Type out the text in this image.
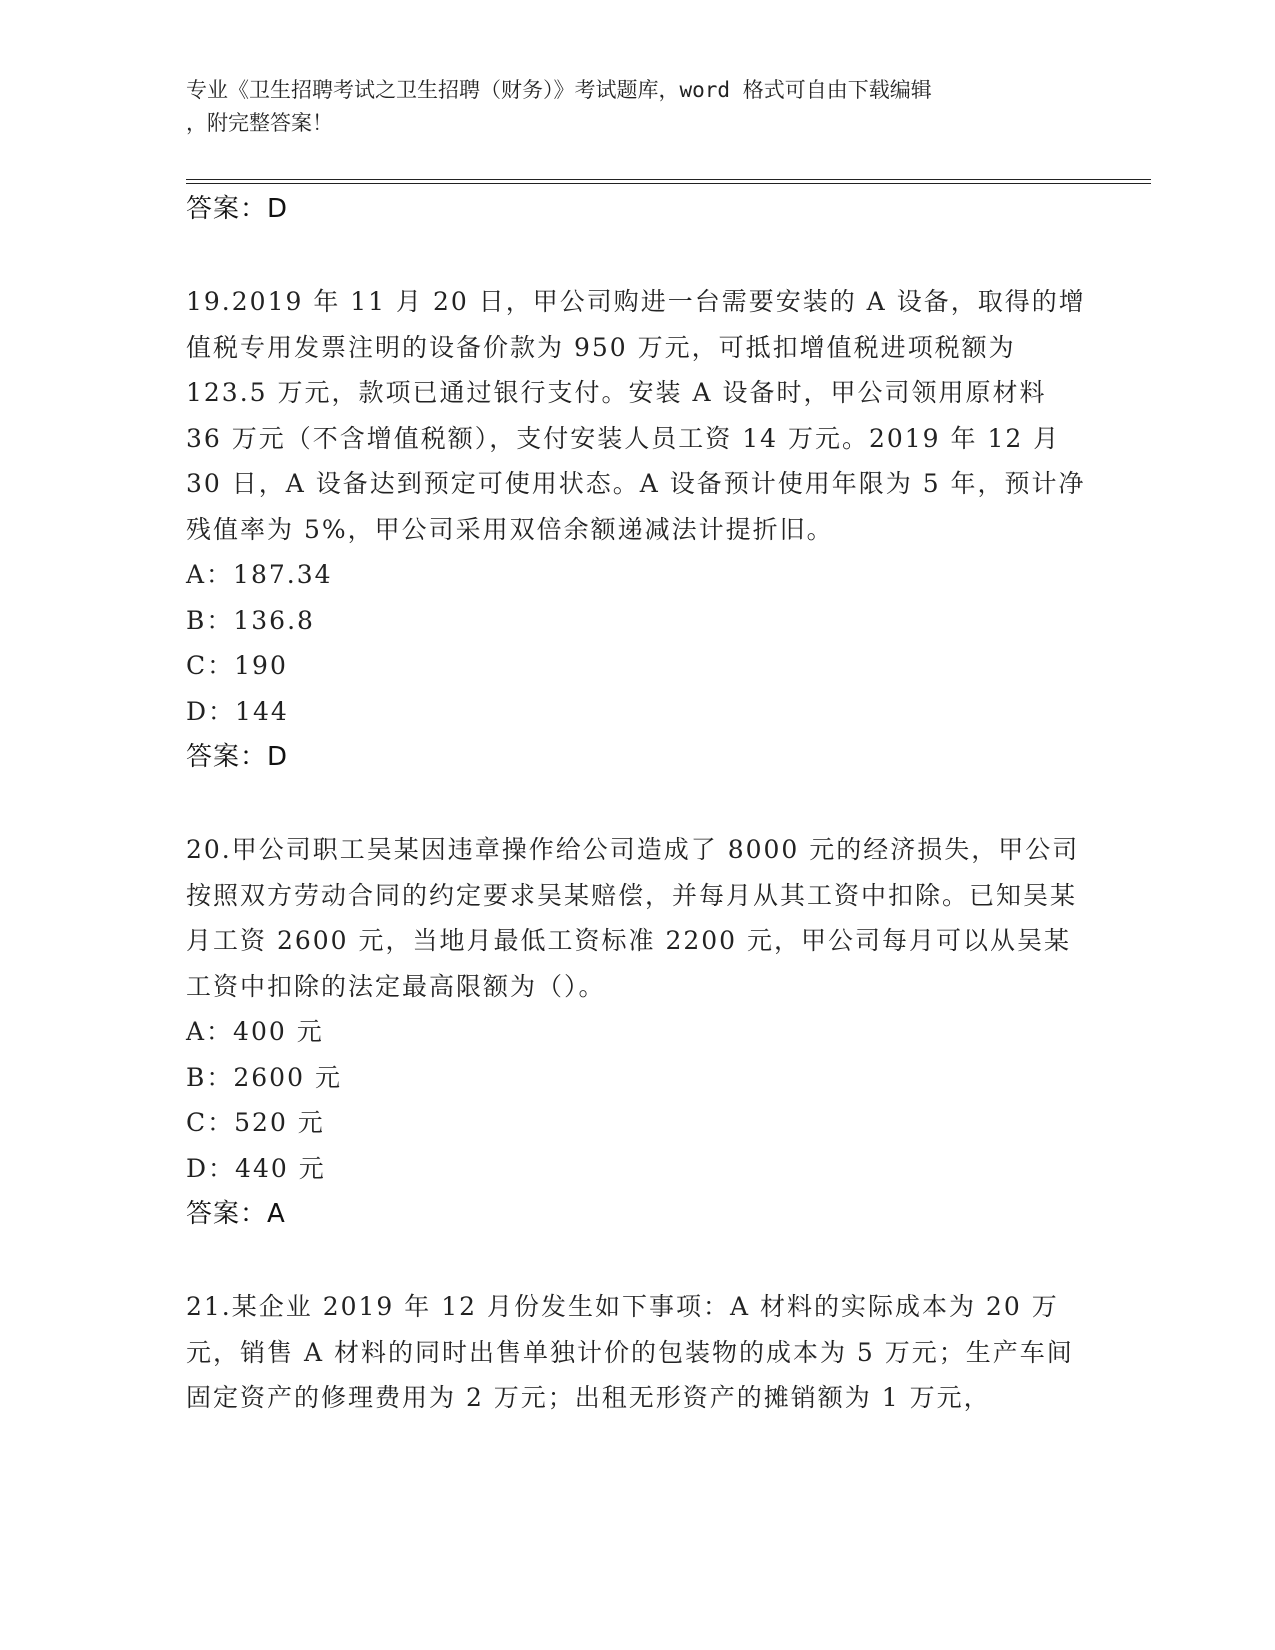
专业《卫生招聘考试之卫生招聘（财务）》考试题库，word 格式可自由下载编辑
，附完整答案！
答案：D
19.2019 年 11 月 20 日，甲公司购进一台需要安装的 A 设备，取得的增值税专用发票注明的设备价款为 950 万元，可抵扣增值税进项税额为 123.5 万元，款项已通过银行支付。安装 A 设备时，甲公司领用原材料 36 万元（不含增值税额），支付安装人员工资 14 万元。2019 年 12 月 30 日，A 设备达到预定可使用状态。A 设备预计使用年限为 5 年，预计净残值率为 5%，甲公司采用双倍余额递减法计提折旧。
A：187.34
B：136.8
C：190
D：144
答案：D
20.甲公司职工吴某因违章操作给公司造成了 8000 元的经济损失，甲公司按照双方劳动合同的约定要求吴某赔偿，并每月从其工资中扣除。已知吴某月工资 2600 元，当地月最低工资标准 2200 元，甲公司每月可以从吴某工资中扣除的法定最高限额为（）。
A：400 元
B：2600 元
C：520 元
D：440 元
答案：A
21.某企业 2019 年 12 月份发生如下事项：A 材料的实际成本为 20 万元，销售 A 材料的同时出售单独计价的包装物的成本为 5 万元；生产车间固定资产的修理费用为 2 万元；出租无形资产的摊销额为 1 万元，
